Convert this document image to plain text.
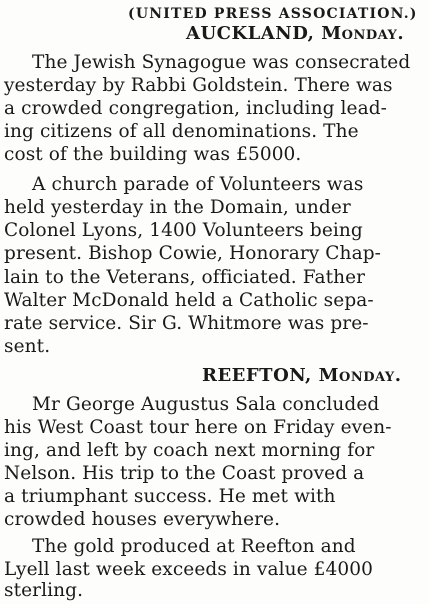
(UNITED PRESS ASSOCIATION.)
AUCKLAND, Monday.
The Jewish Synagogue was consecrated
yesterday by Rabbi Goldstein. There was
a crowded congregation, including lead-
ing citizens of all denominations. The
cost of the building was £5000.
A church parade of Volunteers was
held yesterday in the Domain, under
Colonel Lyons, 1400 Volunteers being
present. Bishop Cowie, Honorary Chap-
lain to the Veterans, officiated. Father
Walter McDonald held a Catholic sepa-
rate service. Sir G. Whitmore was pre-
sent.
REEFTON, Monday.
Mr George Augustus Sala concluded
his West Coast tour here on Friday even-
ing, and left by coach next morning for
Nelson. His trip to the Coast proved a
a triumphant success. He met with
crowded houses everywhere.
The gold produced at Reefton and
Lyell last week exceeds in value £4000
sterling.
